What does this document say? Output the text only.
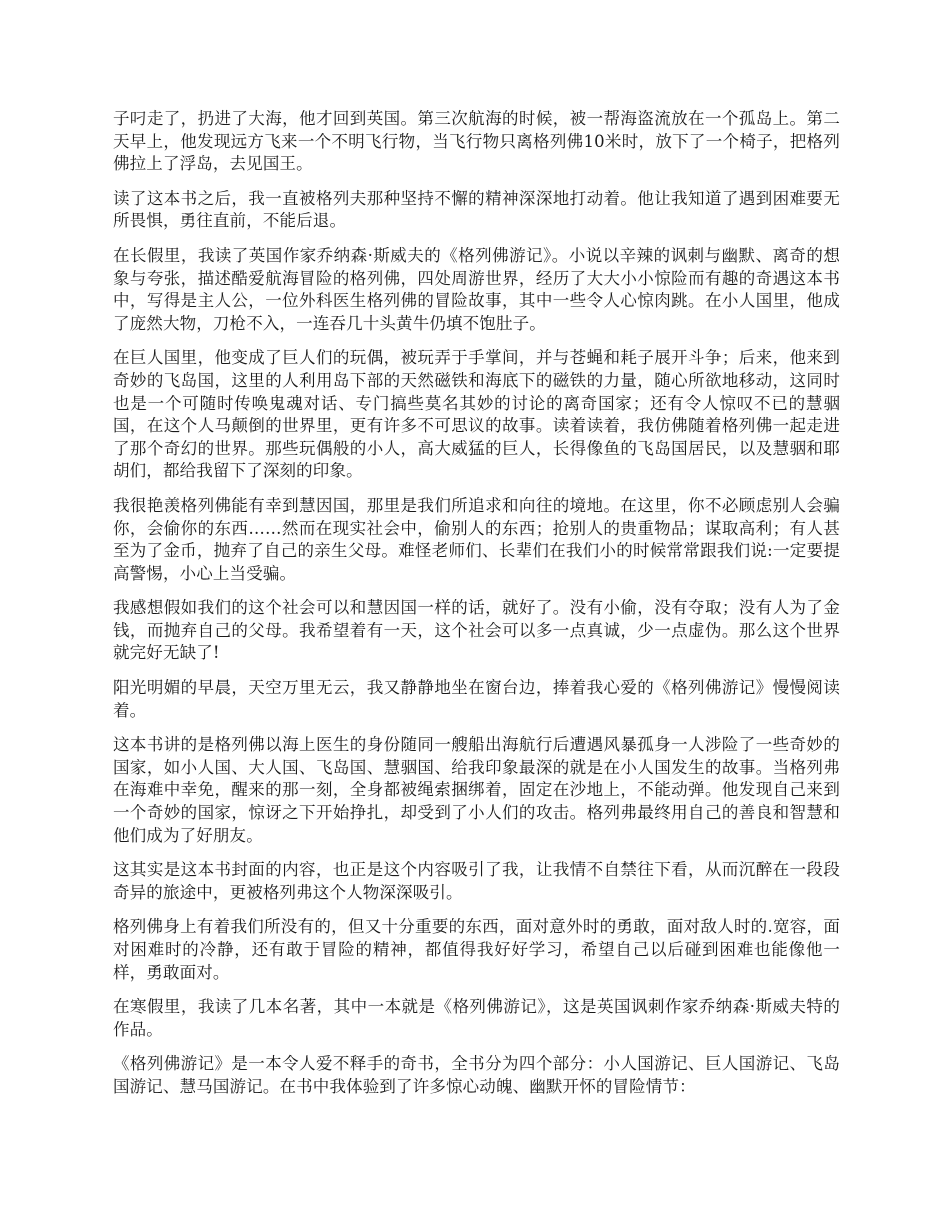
子叼走了，扔进了大海，他才回到英国。第三次航海的时候，被一帮海盗流放在一个孤岛上。第二天早上，他发现远方飞来一个不明飞行物，当飞行物只离格列佛10米时，放下了一个椅子，把格列佛拉上了浮岛，去见国王。

读了这本书之后，我一直被格列夫那种坚持不懈的精神深深地打动着。他让我知道了遇到困难要无所畏惧，勇往直前，不能后退。

在长假里，我读了英国作家乔纳森·斯威夫的《格列佛游记》。小说以辛辣的讽刺与幽默、离奇的想象与夸张，描述酷爱航海冒险的格列佛，四处周游世界，经历了大大小小惊险而有趣的奇遇这本书中，写得是主人公，一位外科医生格列佛的冒险故事，其中一些令人心惊肉跳。在小人国里，他成了庞然大物，刀枪不入，一连吞几十头黄牛仍填不饱肚子。

在巨人国里，他变成了巨人们的玩偶，被玩弄于手掌间，并与苍蝇和耗子展开斗争；后来，他来到奇妙的飞岛国，这里的人利用岛下部的天然磁铁和海底下的磁铁的力量，随心所欲地移动，这同时也是一个可随时传唤鬼魂对话、专门搞些莫名其妙的讨论的离奇国家；还有令人惊叹不已的慧骃国，在这个人马颠倒的世界里，更有许多不可思议的故事。读着读着，我仿佛随着格列佛一起走进了那个奇幻的世界。那些玩偶般的小人，高大威猛的巨人，长得像鱼的飞岛国居民，以及慧骃和耶胡们，都给我留下了深刻的印象。

我很艳羡格列佛能有幸到慧因国，那里是我们所追求和向往的境地。在这里，你不必顾虑别人会骗你，会偷你的东西……然而在现实社会中，偷别人的东西；抢别人的贵重物品；谋取高利；有人甚至为了金币，抛弃了自己的亲生父母。难怪老师们、长辈们在我们小的时候常常跟我们说:一定要提高警惕，小心上当受骗。

我感想假如我们的这个社会可以和慧因国一样的话，就好了。没有小偷，没有夺取；没有人为了金钱，而抛弃自己的父母。我希望着有一天，这个社会可以多一点真诚，少一点虚伪。那么这个世界就完好无缺了!

阳光明媚的早晨，天空万里无云，我又静静地坐在窗台边，捧着我心爱的《格列佛游记》慢慢阅读着。

这本书讲的是格列佛以海上医生的身份随同一艘船出海航行后遭遇风暴孤身一人涉险了一些奇妙的国家，如小人国、大人国、飞岛国、慧骃国、给我印象最深的就是在小人国发生的故事。当格列弗在海难中幸免，醒来的那一刻，全身都被绳索捆绑着，固定在沙地上，不能动弹。他发现自己来到一个奇妙的国家，惊讶之下开始挣扎，却受到了小人们的攻击。格列弗最终用自己的善良和智慧和他们成为了好朋友。

这其实是这本书封面的内容，也正是这个内容吸引了我，让我情不自禁往下看，从而沉醉在一段段奇异的旅途中，更被格列弗这个人物深深吸引。

格列佛身上有着我们所没有的，但又十分重要的东西，面对意外时的勇敢，面对敌人时的.宽容，面对困难时的冷静，还有敢于冒险的精神，都值得我好好学习，希望自己以后碰到困难也能像他一样，勇敢面对。

在寒假里，我读了几本名著，其中一本就是《格列佛游记》，这是英国讽刺作家乔纳森·斯威夫特的作品。

《格列佛游记》是一本令人爱不释手的奇书，全书分为四个部分：小人国游记、巨人国游记、飞岛国游记、慧马国游记。在书中我体验到了许多惊心动魄、幽默开怀的冒险情节：
